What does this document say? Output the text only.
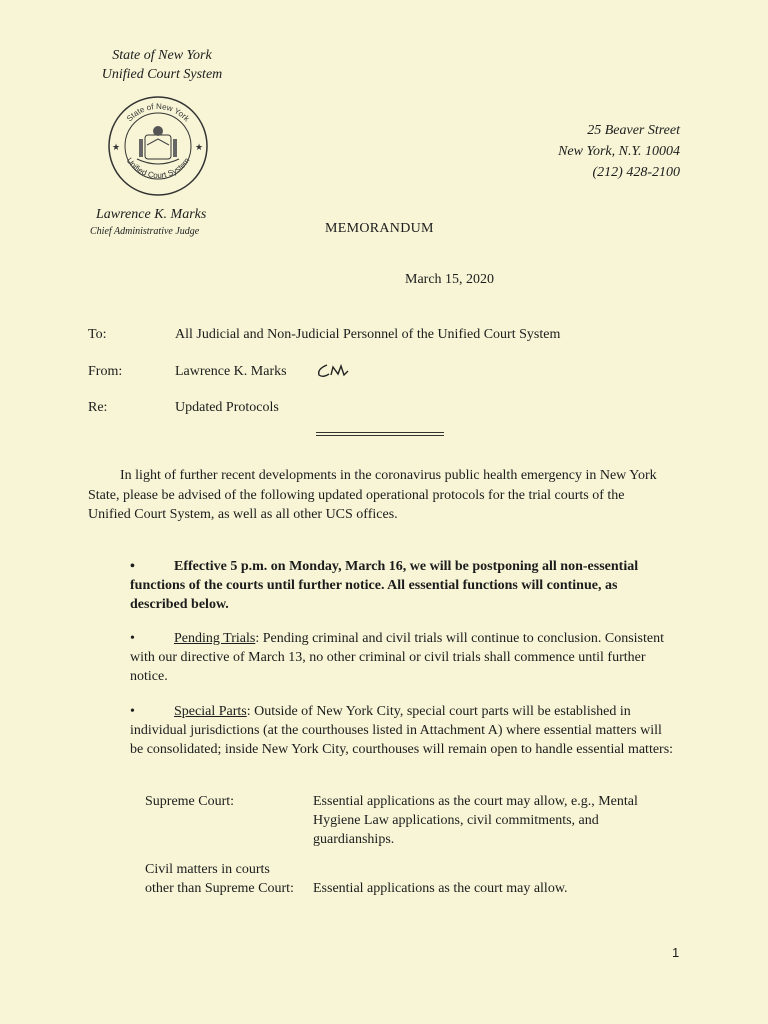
State of New York
Unified Court System
★	★
State of New York
Unified Court System
25 Beaver Street
New York, N.Y. 10004
(212) 428-2100
Lawrence K. Marks
Chief Administrative Judge	MEMORANDUM
March 15, 2020
To:	All Judicial and Non-Judicial Personnel of the Unified Court System
From:	Lawrence K. Marks
Re:	Updated Protocols
In light of further recent developments in the coronavirus public health emergency in New York State, please be advised of the following updated operational protocols for the trial courts of the Unified Court System, as well as all other UCS offices.
•	Effective 5 p.m. on Monday, March 16, we will be postponing all non-essential functions of the courts until further notice. All essential functions will continue, as described below.
•	Pending Trials: Pending criminal and civil trials will continue to conclusion. Consistent with our directive of March 13, no other criminal or civil trials shall commence until further notice.
•	Special Parts: Outside of New York City, special court parts will be established in individual jurisdictions (at the courthouses listed in Attachment A) where essential matters will be consolidated; inside New York City, courthouses will remain open to handle essential matters:
Supreme Court:	Essential applications as the court may allow, e.g., Mental Hygiene Law applications, civil commitments, and guardianships.
Civil matters in courts
other than Supreme Court:	Essential applications as the court may allow.
1
